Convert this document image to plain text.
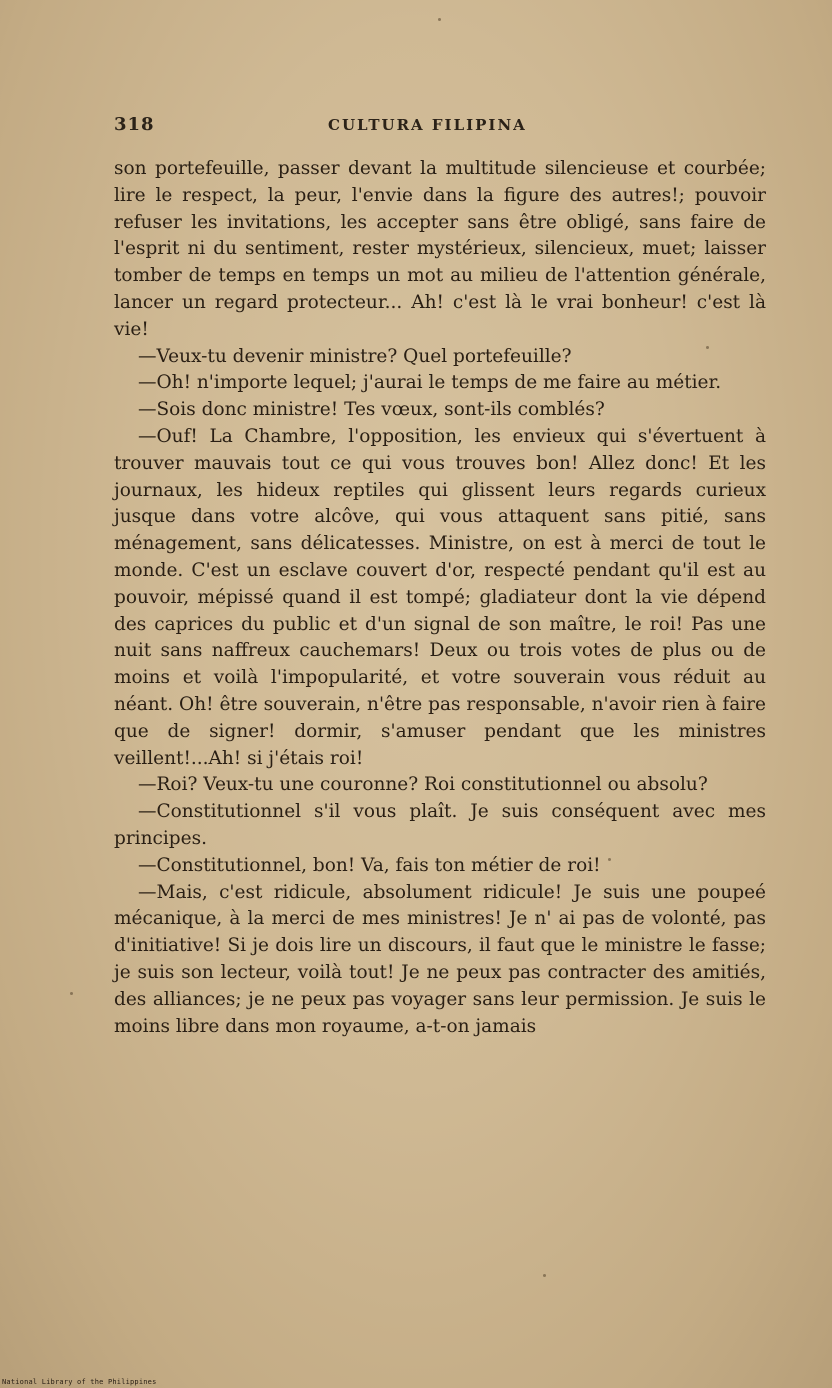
318	CULTURA FILIPINA

son portefeuille, passer devant la multitude silencieuse et courbée; lire le respect, la peur, l'envie dans la figure des autres!; pouvoir refuser les invitations, les accepter sans être obligé, sans faire de l'esprit ni du sentiment, rester mystérieux, silencieux, muet; laisser tomber de temps en temps un mot au milieu de l'attention générale, lancer un regard protecteur... Ah! c'est là le vrai bonheur! c'est là vie!

—Veux-tu devenir ministre? Quel portefeuille?

—Oh! n'importe lequel; j'aurai le temps de me faire au métier.

—Sois donc ministre! Tes vœux, sont-ils comblés?

—Ouf! La Chambre, l'opposition, les envieux qui s'évertuent à trouver mauvais tout ce qui vous trouves bon! Allez donc! Et les journaux, les hideux reptiles qui glissent leurs regards curieux jusque dans votre alcôve, qui vous attaquent sans pitié, sans ménagement, sans délicatesses. Ministre, on est à merci de tout le monde. C'est un esclave couvert d'or, respecté pendant qu'il est au pouvoir, mépissé quand il est tompé; gladiateur dont la vie dépend des caprices du public et d'un signal de son maître, le roi! Pas une nuit sans naffreux cauchemars! Deux ou trois votes de plus ou de moins et voilà l'impopularité, et votre souverain vous réduit au néant. Oh! être souverain, n'être pas responsable, n'avoir rien à faire que de signer! dormir, s'amuser pendant que les ministres veillent!...Ah! si j'étais roi!

—Roi? Veux-tu une couronne? Roi constitutionnel ou absolu?

—Constitutionnel s'il vous plaît. Je suis conséquent avec mes principes.

—Constitutionnel, bon! Va, fais ton métier de roi!

—Mais, c'est ridicule, absolument ridicule! Je suis une poupeé mécanique, à la merci de mes ministres! Je n' ai pas de volonté, pas d'initiative! Si je dois lire un discours, il faut que le ministre le fasse; je suis son lecteur, voilà tout! Je ne peux pas contracter des amitiés, des alliances; je ne peux pas voyager sans leur permission. Je suis le moins libre dans mon royaume, a-t-on jamais

National Library of the Philippines
